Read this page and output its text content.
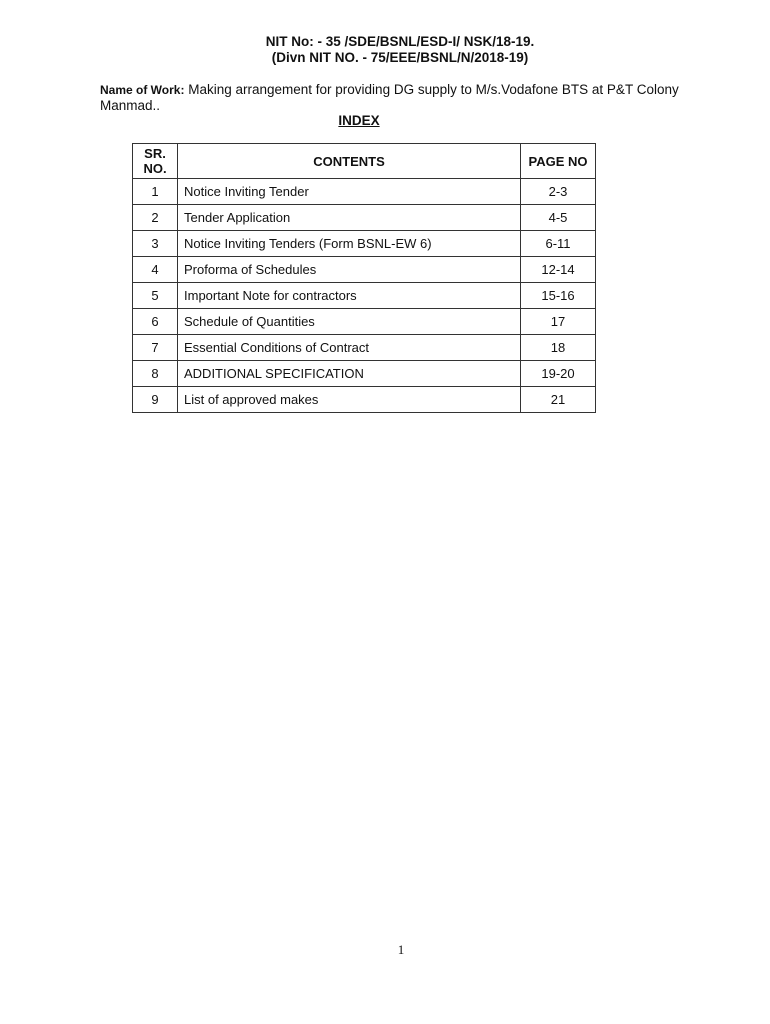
NIT No: - 35 /SDE/BSNL/ESD-I/ NSK/18-19.
(Divn NIT NO. - 75/EEE/BSNL/N/2018-19)
Name of Work: Making arrangement for providing DG supply to M/s.Vodafone BTS at P&T Colony Manmad..
INDEX
SR.
NO.	CONTENTS	PAGE NO
1	Notice Inviting Tender	2-3
2	Tender Application	4-5
3	Notice Inviting Tenders (Form BSNL-EW 6)	6-11
4	Proforma of Schedules	12-14
5	Important Note for contractors	15-16
6	Schedule of Quantities	17
7	Essential Conditions of Contract	18
8	ADDITIONAL SPECIFICATION	19-20
9	List of approved makes	21
1
